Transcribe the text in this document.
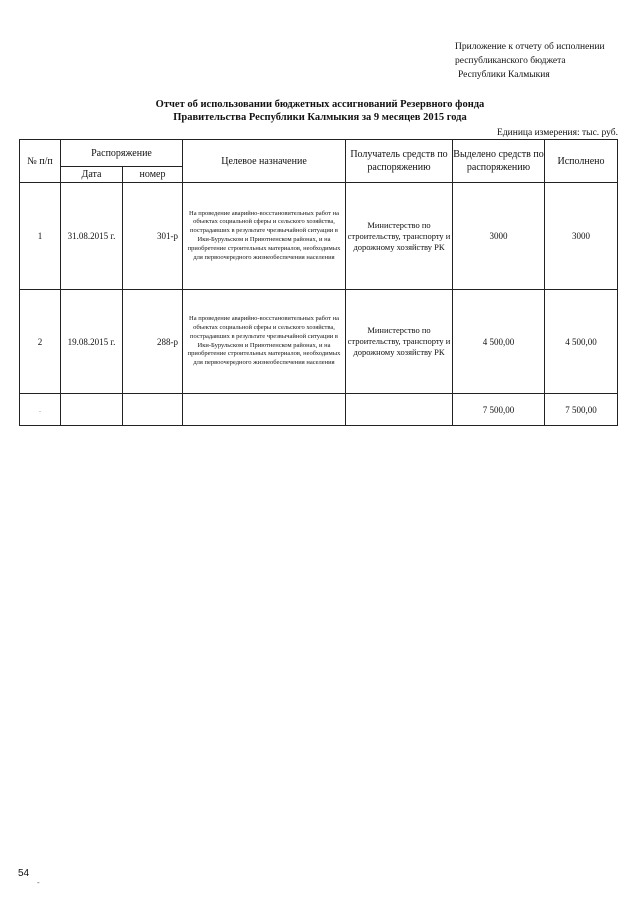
Приложение к отчету об исполнении
республиканского бюджета
Республики Калмыкия
Отчет об использовании бюджетных ассигнований Резервного фонда
Правительства Республики Калмыкия за 9 месяцев 2015 года
Единица измерения: тыс. руб.
№ п/п	Распоряжение		Целевое назначение	Получатель средств по распоряжению	Выделено средств по распоряжению	Исполнено
	Дата	номер				
1	31.08.2015 г.	301-р	На проведение аварийно-восстановительных работ на объектах социальной сферы и сельского хозяйства, пострадавших в результате чрезвычайной ситуации в Ики-Бурульском и Приютненском районах, и на приобретение строительных материалов, необходимых для первоочередного жизнеобеспечения населения	Министерство по строительству, транспорту и дорожному хозяйству РК	3000	3000
2	19.08.2015 г.	288-р	На проведение аварийно-восстановительных работ на объектах социальной сферы и сельского хозяйства, пострадавших в результате чрезвычайной ситуации в Ики-Бурульском и Приютненском районах, и на приобретение строительных материалов, необходимых для первоочередного жизнеобеспечения населения	Министерство по строительству, транспорту и дорожному хозяйству РК	4 500,00	4 500,00
.					7 500,00	7 500,00
54
-
